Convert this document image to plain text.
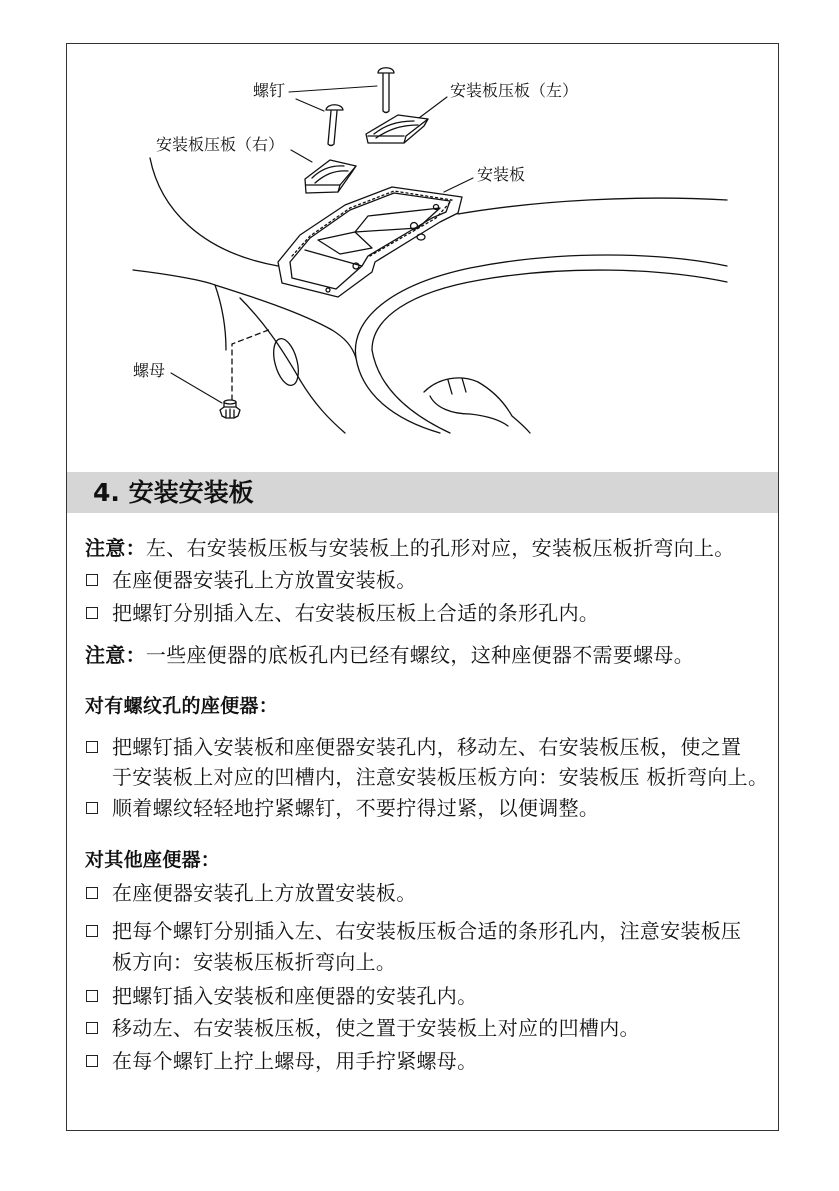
螺钉	安装板压板（左）
安装板压板（右）
安装板
螺母
4. 安装安装板
注意：左、右安装板压板与安装板上的孔形对应，安装板压板折弯向上。
在座便器安装孔上方放置安装板。
把螺钉分别插入左、右安装板压板上合适的条形孔内。
注意：一些座便器的底板孔内已经有螺纹，这种座便器不需要螺母。
对有螺纹孔的座便器：
把螺钉插入安装板和座便器安装孔内，移动左、右安装板压板，使之置
于安装板上对应的凹槽内，注意安装板压板方向：安装板压 板折弯向上。
顺着螺纹轻轻地拧紧螺钉，不要拧得过紧，以便调整。
对其他座便器：
在座便器安装孔上方放置安装板。
把每个螺钉分别插入左、右安装板压板合适的条形孔内，注意安装板压
板方向：安装板压板折弯向上。
把螺钉插入安装板和座便器的安装孔内。
移动左、右安装板压板，使之置于安装板上对应的凹槽内。
在每个螺钉上拧上螺母，用手拧紧螺母。
